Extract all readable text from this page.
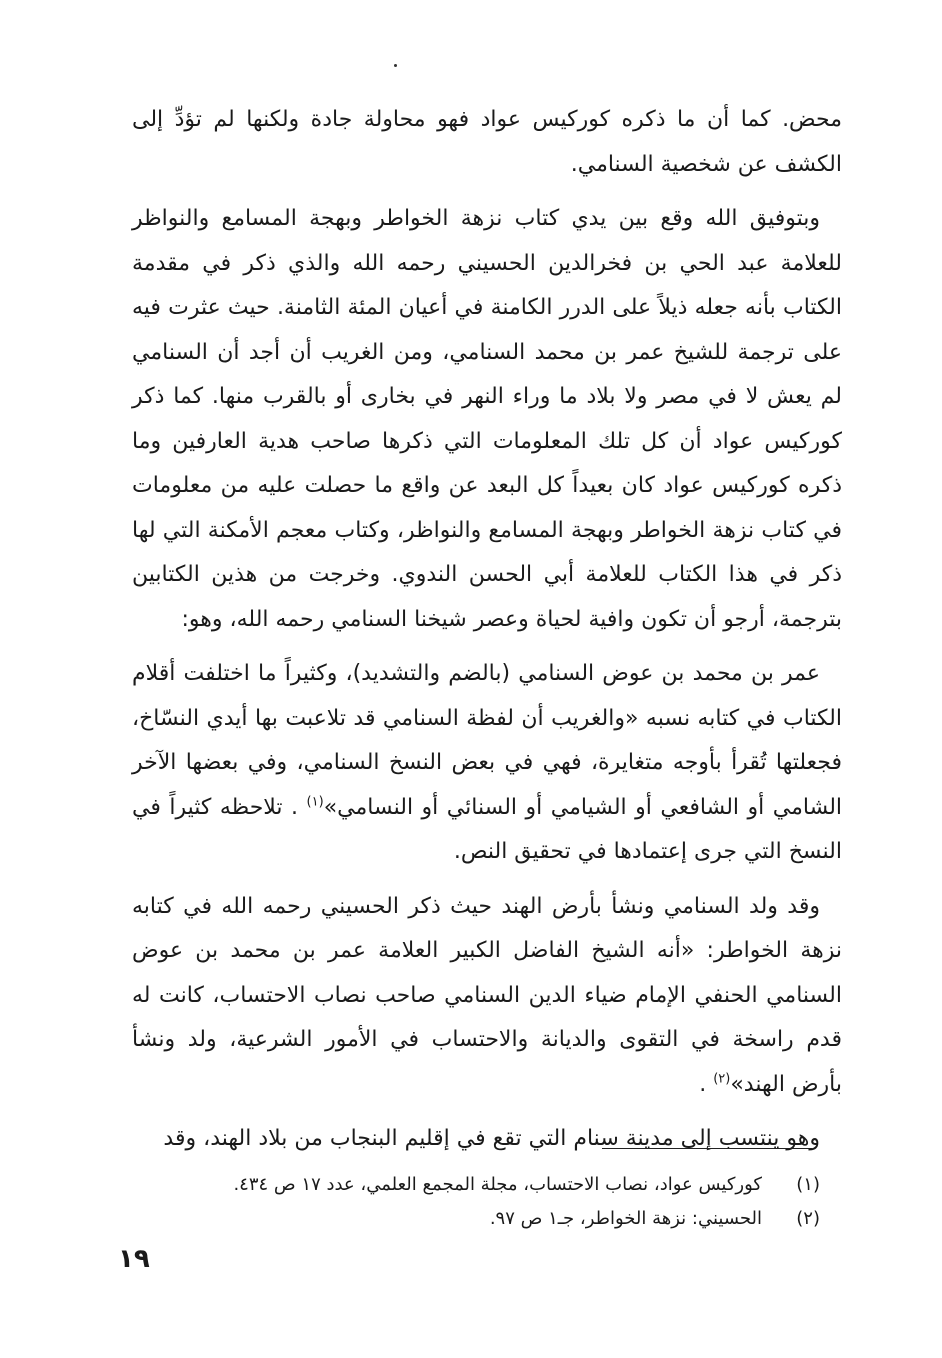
محض. كما أن ما ذكره كوركيس عواد فهو محاولة جادة ولكنها لم تؤدِّ إلى الكشف عن شخصية السنامي.

وبتوفيق الله وقع بين يدي كتاب نزهة الخواطر وبهجة المسامع والنواظر للعلامة عبد الحي بن فخرالدين الحسيني رحمه الله والذي ذكر في مقدمة الكتاب بأنه جعله ذيلاً على الدرر الكامنة في أعيان المئة الثامنة. حيث عثرت فيه على ترجمة للشيخ عمر بن محمد السنامي، ومن الغريب أن أجد أن السنامي لم يعش لا في مصر ولا بلاد ما وراء النهر في بخارى أو بالقرب منها. كما ذكر كوركيس عواد أن كل تلك المعلومات التي ذكرها صاحب هدية العارفين وما ذكره كوركيس عواد كان بعيداً كل البعد عن واقع ما حصلت عليه من معلومات في كتاب نزهة الخواطر وبهجة المسامع والنواظر، وكتاب معجم الأمكنة التي لها ذكر في هذا الكتاب للعلامة أبي الحسن الندوي. وخرجت من هذين الكتابين بترجمة، أرجو أن تكون وافية لحياة وعصر شيخنا السنامي رحمه الله، وهو:

عمر بن محمد بن عوض السنامي (بالضم والتشديد)، وكثيراً ما اختلفت أقلام الكتاب في كتابه نسبه «والغريب أن لفظة السنامي قد تلاعبت بها أيدي النسّاخ، فجعلتها تُقرأ بأوجه متغايرة، فهي في بعض النسخ السنامي، وفي بعضها الآخر الشامي أو الشافعي أو الشيامي أو السنائي أو النسامي»$^{(١)}$ . تلاحظه كثيراً في النسخ التي جرى إعتمادها في تحقيق النص.

وقد ولد السنامي ونشأ بأرض الهند حيث ذكر الحسيني رحمه الله في كتابه نزهة الخواطر: «أنه الشيخ الفاضل الكبير العلامة عمر بن محمد بن عوض السنامي الحنفي الإمام ضياء الدين السنامي صاحب نصاب الاحتساب، كانت له قدم راسخة في التقوى والديانة والاحتساب في الأمور الشرعية، ولد ونشأ بأرض الهند»$^{(٢)}$ .

وهو ينتسب إلى مدينة سنام التي تقع في إقليم البنجاب من بلاد الهند، وقد

(١)
كوركيس عواد، نصاب الاحتساب، مجلة المجمع العلمي، عدد ١٧ ص ٤٣٤.
(٢)
الحسيني: نزهة الخواطر، جـ١ ص ٩٧.
١٩
